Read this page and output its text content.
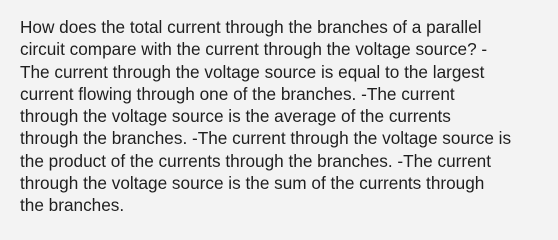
How does the total current through the branches of a parallel
circuit compare with the current through the voltage source? -
The current through the voltage source is equal to the largest
current flowing through one of the branches. -The current
through the voltage source is the average of the currents
through the branches. -The current through the voltage source is
the product of the currents through the branches. -The current
through the voltage source is the sum of the currents through
the branches.
